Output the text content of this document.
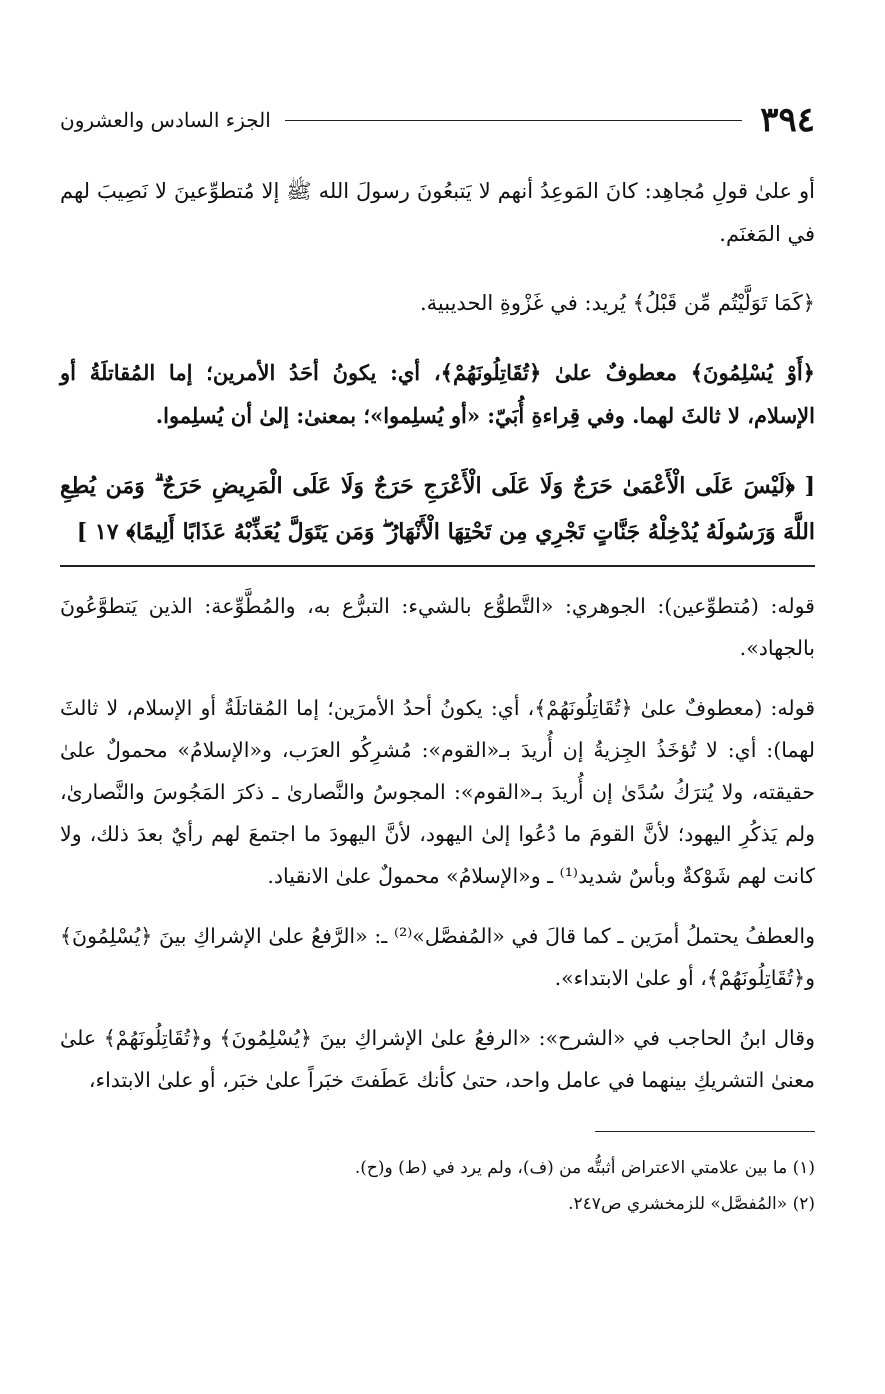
٣٩٤
الجزء السادس والعشرون

أو علىٰ قولِ مُجاهِد: كانَ المَوعِدُ أنهم لا يَتبعُونَ رسولَ الله ﷺ إلا مُتطوِّعينَ لا نَصِيبَ لهم في المَغنَم.

﴿كَمَا تَوَلَّيْتُم مِّن قَبْلُ﴾ يُريد: في غَزْوةِ الحديبية.

﴿أَوْ يُسْلِمُونَ﴾ معطوفٌ علىٰ ﴿تُقَاتِلُونَهُمْ﴾، أي: يكونُ أحَدُ الأمرين؛ إما المُقاتلَةُ أو الإسلام، لا ثالثَ لهما. وفي قِراءةِ أُبَيّ: «أو يُسلِموا»؛ بمعنىٰ: إلىٰ أن يُسلِموا.

[ ﴿لَيْسَ عَلَى الْأَعْمَىٰ حَرَجٌ وَلَا عَلَى الْأَعْرَجِ حَرَجٌ وَلَا عَلَى الْمَرِيضِ حَرَجٌ ۗ وَمَن يُطِعِ اللَّهَ وَرَسُولَهُ يُدْخِلْهُ جَنَّاتٍ تَجْرِي مِن تَحْتِهَا الْأَنْهَارُ ۖ وَمَن يَتَوَلَّ يُعَذِّبْهُ عَذَابًا أَلِيمًا﴾ ١٧ ]

قوله: (مُتطوِّعين): الجوهري: «التَّطوُّع بالشيء: التبرُّع به، والمُطَّوِّعة: الذين يَتطوَّعُونَ بالجهاد».

قوله: (معطوفٌ علىٰ ﴿تُقَاتِلُونَهُمْ﴾، أي: يكونُ أحدُ الأمرَين؛ إما المُقاتلَةُ أو الإسلام، لا ثالثَ لهما): أي: لا تُؤخَذُ الجِزيةُ إن أُريدَ بـ«القوم»: مُشرِكُو العرَب، و«الإسلامُ» محمولٌ علىٰ حقيقته، ولا يُترَكُ سُدًىٰ إن أُريدَ بـ«القوم»: المجوسُ والنَّصارىٰ ـ ذكرَ المَجُوسَ والنَّصارىٰ، ولم يَذكُرِ اليهود؛ لأنَّ القومَ ما دُعُوا إلىٰ اليهود، لأنَّ اليهودَ ما اجتمعَ لهم رأيٌ بعدَ ذلك، ولا كانت لهم شَوْكةٌ وبأسٌ شديد⁽¹⁾ ـ و«الإسلامُ» محمولٌ علىٰ الانقياد.

والعطفُ يحتملُ أمرَين ـ كما قالَ في «المُفصَّل»⁽²⁾ ـ: «الرَّفعُ علىٰ الإشراكِ بينَ ﴿يُسْلِمُونَ﴾ و﴿تُقَاتِلُونَهُمْ﴾، أو علىٰ الابتداء».

وقال ابنُ الحاجب في «الشرح»: «الرفعُ علىٰ الإشراكِ بينَ ﴿يُسْلِمُونَ﴾ و﴿تُقَاتِلُونَهُمْ﴾ علىٰ معنىٰ التشريكِ بينهما في عامل واحد، حتىٰ كأنك عَطَفتَ خبَراً علىٰ خبَر، أو علىٰ الابتداء،

(١) ما بين علامتي الاعتراض أثبتُّه من (ف)، ولم يرد في (ط) و(ح).
(٢) «المُفصَّل» للزمخشري ص٢٤٧.
